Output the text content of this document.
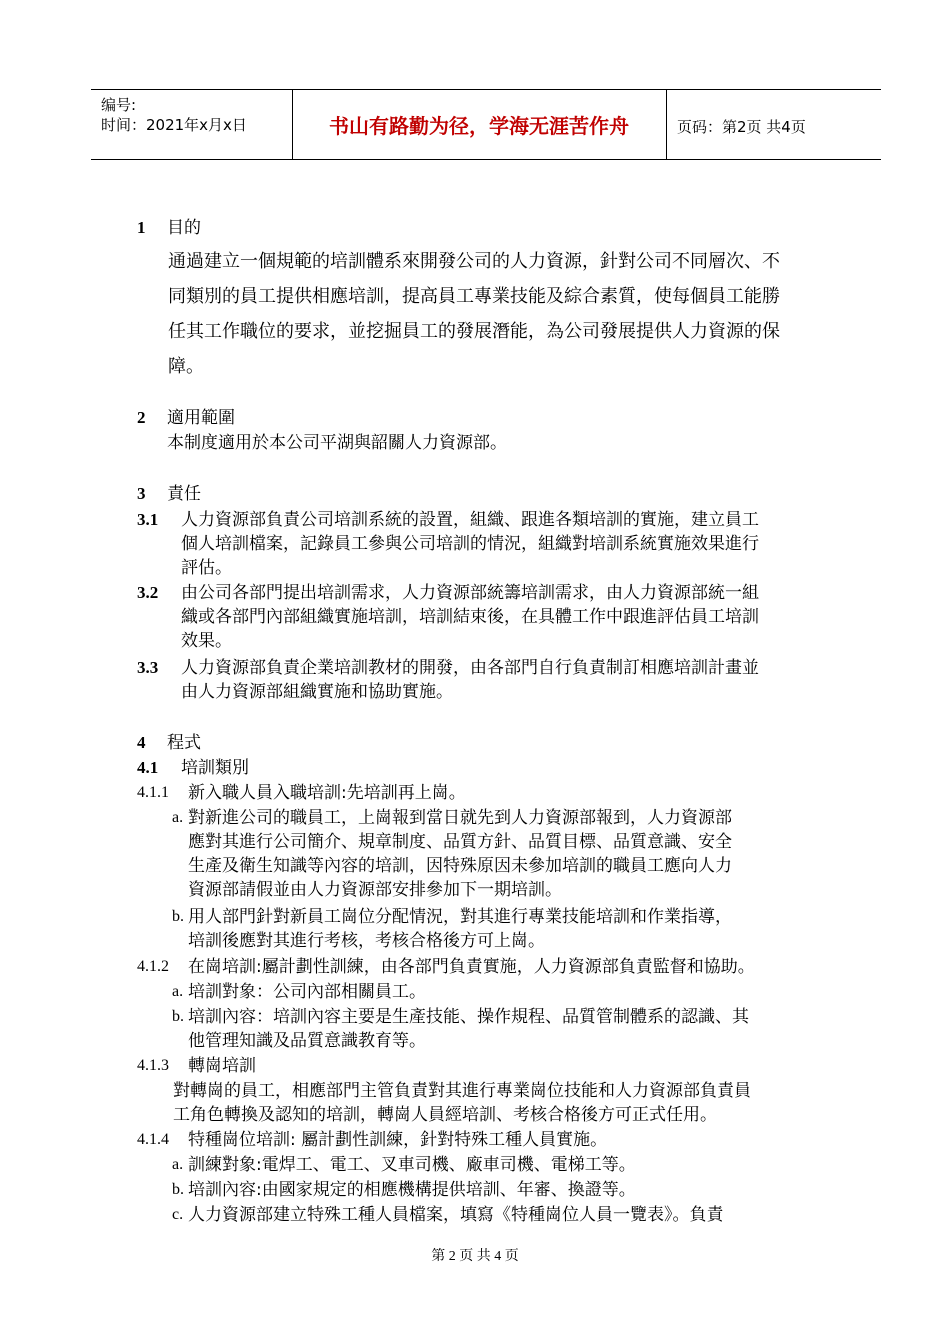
编号:
时间：2021年x月x日	书山有路勤为径，学海无涯苦作舟	页码：第2页 共4页
1 目的
通過建立一個規範的培訓體系來開發公司的人力資源，針對公司不同層次、不
同類別的員工提供相應培訓，提高員工專業技能及綜合素質，使每個員工能勝
任其工作職位的要求，並挖掘員工的發展潛能，為公司發展提供人力資源的保
障。
2 適用範圍
本制度適用於本公司平湖與韶關人力資源部。
3 責任
3.1 人力資源部負責公司培訓系統的設置，組織、跟進各類培訓的實施，建立員工
個人培訓檔案，記錄員工參與公司培訓的情況，組織對培訓系統實施效果進行
評估。
3.2 由公司各部門提出培訓需求，人力資源部統籌培訓需求，由人力資源部統一組
織或各部門內部組織實施培訓，培訓結束後，在具體工作中跟進評估員工培訓
效果。
3.3 人力資源部負責企業培訓教材的開發，由各部門自行負責制訂相應培訓計畫並
由人力資源部組織實施和協助實施。
4 程式
4.1 培訓類別
4.1.1 新入職人員入職培訓:先培訓再上崗。
a. 對新進公司的職員工，上崗報到當日就先到人力資源部報到，人力資源部
應對其進行公司簡介、規章制度、品質方針、品質目標、品質意識、安全
生產及衛生知識等內容的培訓，因特殊原因未參加培訓的職員工應向人力
資源部請假並由人力資源部安排參加下一期培訓。
b. 用人部門針對新員工崗位分配情況，對其進行專業技能培訓和作業指導，
培訓後應對其進行考核，考核合格後方可上崗。
4.1.2 在崗培訓:屬計劃性訓練，由各部門負責實施，人力資源部負責監督和協助。
a. 培訓對象：公司內部相關員工。
b. 培訓內容：培訓內容主要是生產技能、操作規程、品質管制體系的認識、其
他管理知識及品質意識教育等。
4.1.3 轉崗培訓
對轉崗的員工，相應部門主管負責對其進行專業崗位技能和人力資源部負責員
工角色轉換及認知的培訓，轉崗人員經培訓、考核合格後方可正式任用。
4.1.4 特種崗位培訓: 屬計劃性訓練，針對特殊工種人員實施。
a. 訓練對象:電焊工、電工、叉車司機、廠車司機、電梯工等。
b. 培訓內容:由國家規定的相應機構提供培訓、年審、換證等。
c. 人力資源部建立特殊工種人員檔案，填寫《特種崗位人員一覽表》。負責
第 2 页 共 4 页
